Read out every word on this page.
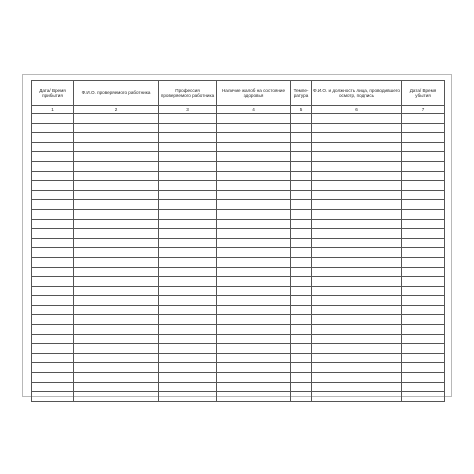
Дата/ Время прибытия	Ф.И.О. проверяемого работника	Профессия проверяемого работника	Наличие жалоб на состояние здоровья	Темпе-ратура	Ф.И.О. и должность лица, проводившего осмотр, подпись	Дата/ Время убытия
1	2	3	4	5	6	7
